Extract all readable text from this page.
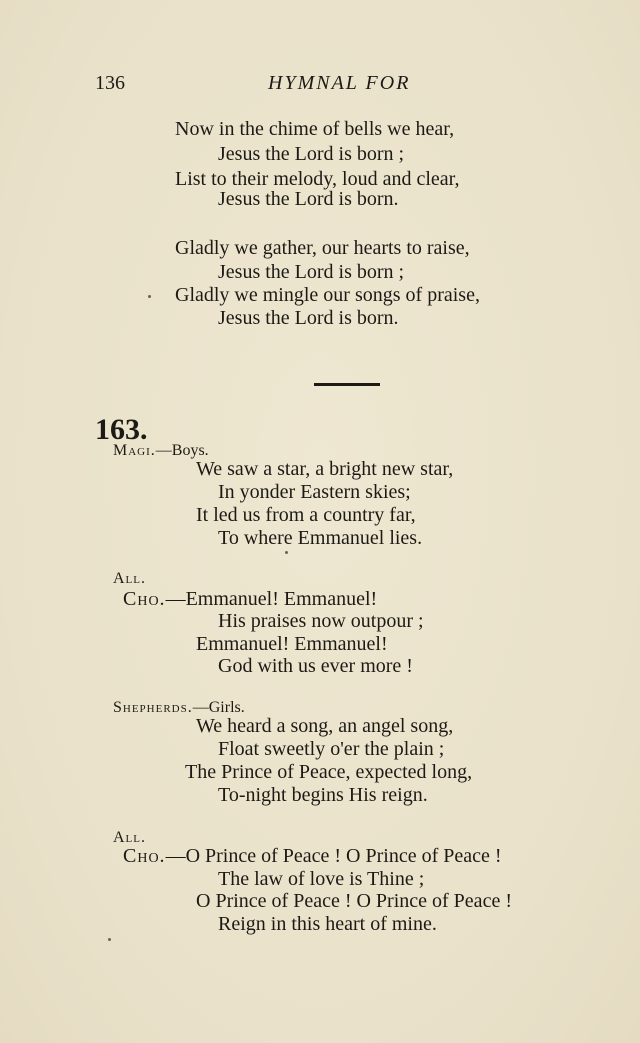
136	HYMNAL FOR
Now in the chime of bells we hear,
Jesus the Lord is born ;
List to their melody, loud and clear,
Jesus the Lord is born.
Gladly we gather, our hearts to raise,
Jesus the Lord is born ;
Gladly we mingle our songs of praise,
Jesus the Lord is born.
163.
Magi.—Boys.
We saw a star, a bright new star,
In yonder Eastern skies;
It led us from a country far,
To where Emmanuel lies.
All.
Cho.—Emmanuel! Emmanuel!
His praises now outpour ;
Emmanuel! Emmanuel!
God with us ever more !
Shepherds.—Girls.
We heard a song, an angel song,
Float sweetly o'er the plain ;
The Prince of Peace, expected long,
To-night begins His reign.
All.
Cho.—O Prince of Peace ! O Prince of Peace !
The law of love is Thine ;
O Prince of Peace ! O Prince of Peace !
Reign in this heart of mine.
